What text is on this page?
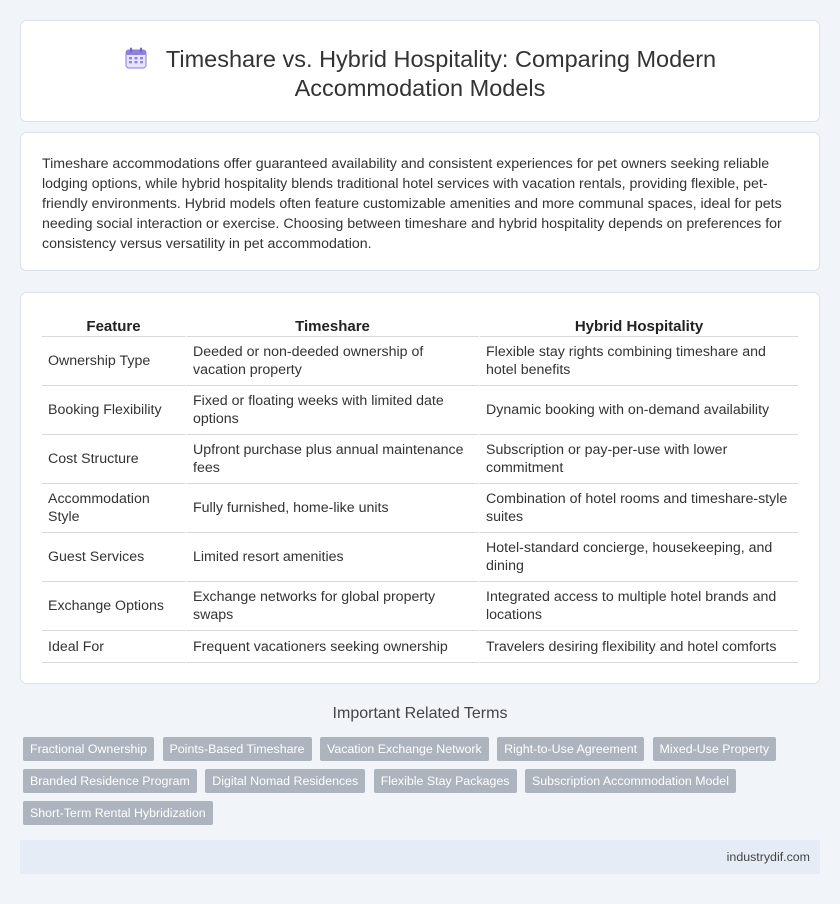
Timeshare vs. Hybrid Hospitality: Comparing Modern
Accommodation Models

Timeshare accommodations offer guaranteed availability and consistent experiences for pet owners seeking reliable lodging options, while hybrid hospitality blends traditional hotel services with vacation rentals, providing flexible, pet-friendly environments. Hybrid models often feature customizable amenities and more communal spaces, ideal for pets needing social interaction or exercise. Choosing between timeshare and hybrid hospitality depends on preferences for consistency versus versatility in pet accommodation.

Feature	Timeshare	Hybrid Hospitality
Ownership Type	Deeded or non-deeded ownership of vacation property	Flexible stay rights combining timeshare and hotel benefits
Booking Flexibility	Fixed or floating weeks with limited date options	Dynamic booking with on-demand availability
Cost Structure	Upfront purchase plus annual maintenance fees	Subscription or pay-per-use with lower commitment
Accommodation Style	Fully furnished, home-like units	Combination of hotel rooms and timeshare-style suites
Guest Services	Limited resort amenities	Hotel-standard concierge, housekeeping, and dining
Exchange Options	Exchange networks for global property swaps	Integrated access to multiple hotel brands and locations
Ideal For	Frequent vacationers seeking ownership	Travelers desiring flexibility and hotel comforts
Important Related Terms
Fractional Ownership Points-Based Timeshare Vacation Exchange Network Right-to-Use Agreement Mixed-Use Property Branded Residence Program Digital Nomad Residences Flexible Stay Packages Subscription Accommodation Model Short-Term Rental Hybridization
industrydif.com
